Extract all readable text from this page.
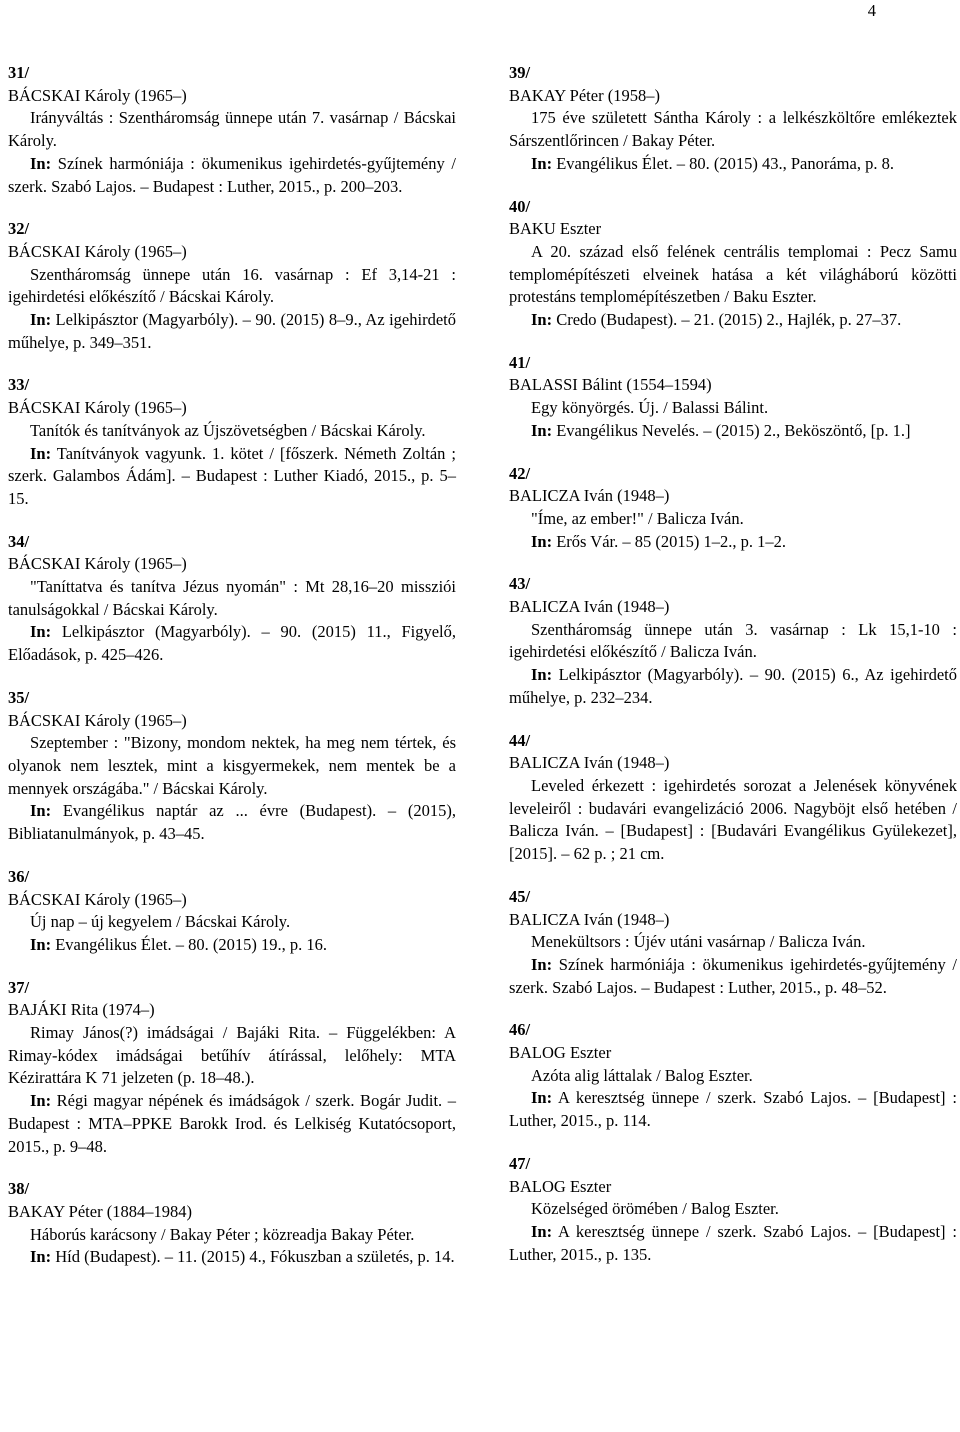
4
31/
BÁCSKAI Károly (1965–)
Irányváltás : Szentháromság ünnepe után 7. vasárnap / Bácskai Károly.
In: Színek harmóniája : ökumenikus igehirdetés-gyűjtemény / szerk. Szabó Lajos. – Budapest : Luther, 2015., p. 200–203.
32/
BÁCSKAI Károly (1965–)
Szentháromság ünnepe után 16. vasárnap : Ef 3,14-21 : igehirdetési előkészítő / Bácskai Károly.
In: Lelkipásztor (Magyarbóly). – 90. (2015) 8–9., Az igehirdető műhelye, p. 349–351.
33/
BÁCSKAI Károly (1965–)
Tanítók és tanítványok az Újszövetségben / Bácskai Károly.
In: Tanítványok vagyunk. 1. kötet / [főszerk. Németh Zoltán ; szerk. Galambos Ádám]. – Budapest : Luther Kiadó, 2015., p. 5–15.
34/
BÁCSKAI Károly (1965–)
"Taníttatva és tanítva Jézus nyomán" : Mt 28,16–20 missziói tanulságokkal / Bácskai Károly.
In: Lelkipásztor (Magyarbóly). – 90. (2015) 11., Figyelő, Előadások, p. 425–426.
35/
BÁCSKAI Károly (1965–)
Szeptember : "Bizony, mondom nektek, ha meg nem tértek, és olyanok nem lesztek, mint a kisgyermekek, nem mentek be a mennyek országába." / Bácskai Károly.
In: Evangélikus naptár az ... évre (Budapest). – (2015), Bibliatanulmányok, p. 43–45.
36/
BÁCSKAI Károly (1965–)
Új nap – új kegyelem / Bácskai Károly.
In: Evangélikus Élet. – 80. (2015) 19., p. 16.
37/
BAJÁKI Rita (1974–)
Rimay János(?) imádságai / Bajáki Rita. – Függelékben: A Rimay-kódex imádságai betűhív átírással, lelőhely: MTA Kézirattára K 71 jelzeten (p. 18–48.).
In: Régi magyar népének és imádságok / szerk. Bogár Judit. – Budapest : MTA–PPKE Barokk Irod. és Lelkiség Kutatócsoport, 2015., p. 9–48.
38/
BAKAY Péter (1884–1984)
Háborús karácsony / Bakay Péter ; közreadja Bakay Péter.
In: Híd (Budapest). – 11. (2015) 4., Fókuszban a születés, p. 14.
39/
BAKAY Péter (1958–)
175 éve született Sántha Károly : a lelkészköltőre emlékeztek Sárszentlőrincen / Bakay Péter.
In: Evangélikus Élet. – 80. (2015) 43., Panoráma, p. 8.
40/
BAKU Eszter
A 20. század első felének centrális templomai : Pecz Samu templomépítészeti elveinek hatása a két világháború közötti protestáns templomépítészetben / Baku Eszter.
In: Credo (Budapest). – 21. (2015) 2., Hajlék, p. 27–37.
41/
BALASSI Bálint (1554–1594)
Egy könyörgés. Új. / Balassi Bálint.
In: Evangélikus Nevelés. – (2015) 2., Beköszöntő, [p. 1.]
42/
BALICZA Iván (1948–)
"Íme, az ember!" / Balicza Iván.
In: Erős Vár. – 85 (2015) 1–2., p. 1–2.
43/
BALICZA Iván (1948–)
Szentháromság ünnepe után 3. vasárnap : Lk 15,1-10 : igehirdetési előkészítő / Balicza Iván.
In: Lelkipásztor (Magyarbóly). – 90. (2015) 6., Az igehirdető műhelye, p. 232–234.
44/
BALICZA Iván (1948–)
Leveled érkezett : igehirdetés sorozat a Jelenések könyvének leveleiről : budavári evangelizáció 2006. Nagyböjt első hetében / Balicza Iván. – [Budapest] : [Budavári Evangélikus Gyülekezet], [2015]. – 62 p. ; 21 cm.
45/
BALICZA Iván (1948–)
Menekültsors : Újév utáni vasárnap / Balicza Iván.
In: Színek harmóniája : ökumenikus igehirdetés-gyűjtemény / szerk. Szabó Lajos. – Budapest : Luther, 2015., p. 48–52.
46/
BALOG Eszter
Azóta alig láttalak / Balog Eszter.
In: A keresztség ünnepe / szerk. Szabó Lajos. – [Budapest] : Luther, 2015., p. 114.
47/
BALOG Eszter
Közelséged örömében / Balog Eszter.
In: A keresztség ünnepe / szerk. Szabó Lajos. – [Budapest] : Luther, 2015., p. 135.
